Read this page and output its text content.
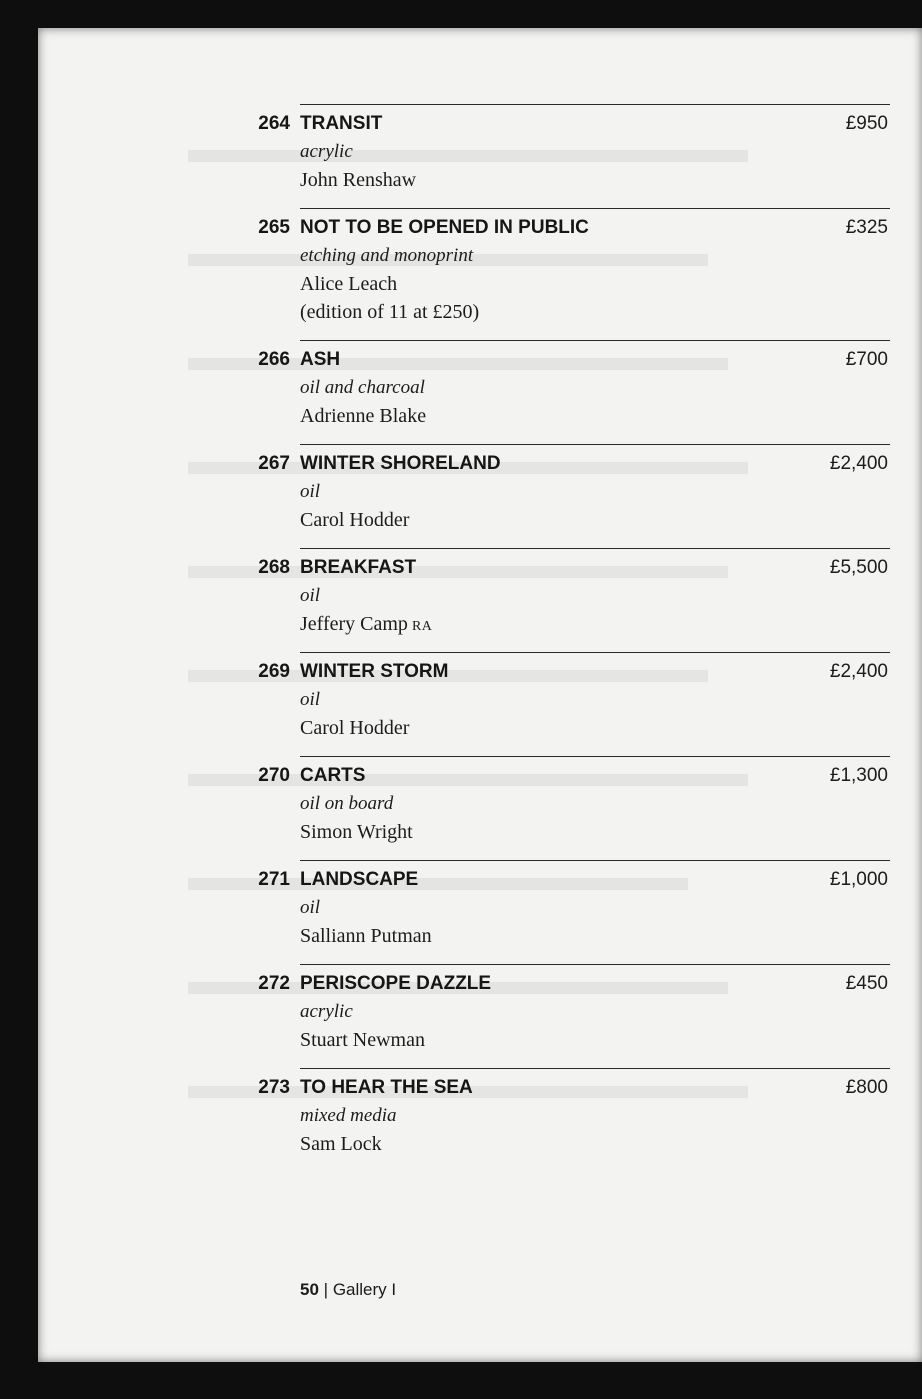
264 TRANSIT	£950
acrylic
John Renshaw
265 NOT TO BE OPENED IN PUBLIC	£325
etching and monoprint
Alice Leach
(edition of 11 at £250)
266 ASH	£700
oil and charcoal
Adrienne Blake
267 WINTER SHORELAND	£2,400
oil
Carol Hodder
268 BREAKFAST	£5,500
oil
Jeffery Camp RA
269 WINTER STORM	£2,400
oil
Carol Hodder
270 CARTS	£1,300
oil on board
Simon Wright
271 LANDSCAPE	£1,000
oil
Salliann Putman
272 PERISCOPE DAZZLE	£450
acrylic
Stuart Newman
273 TO HEAR THE SEA	£800
mixed media
Sam Lock
50 | Gallery I
